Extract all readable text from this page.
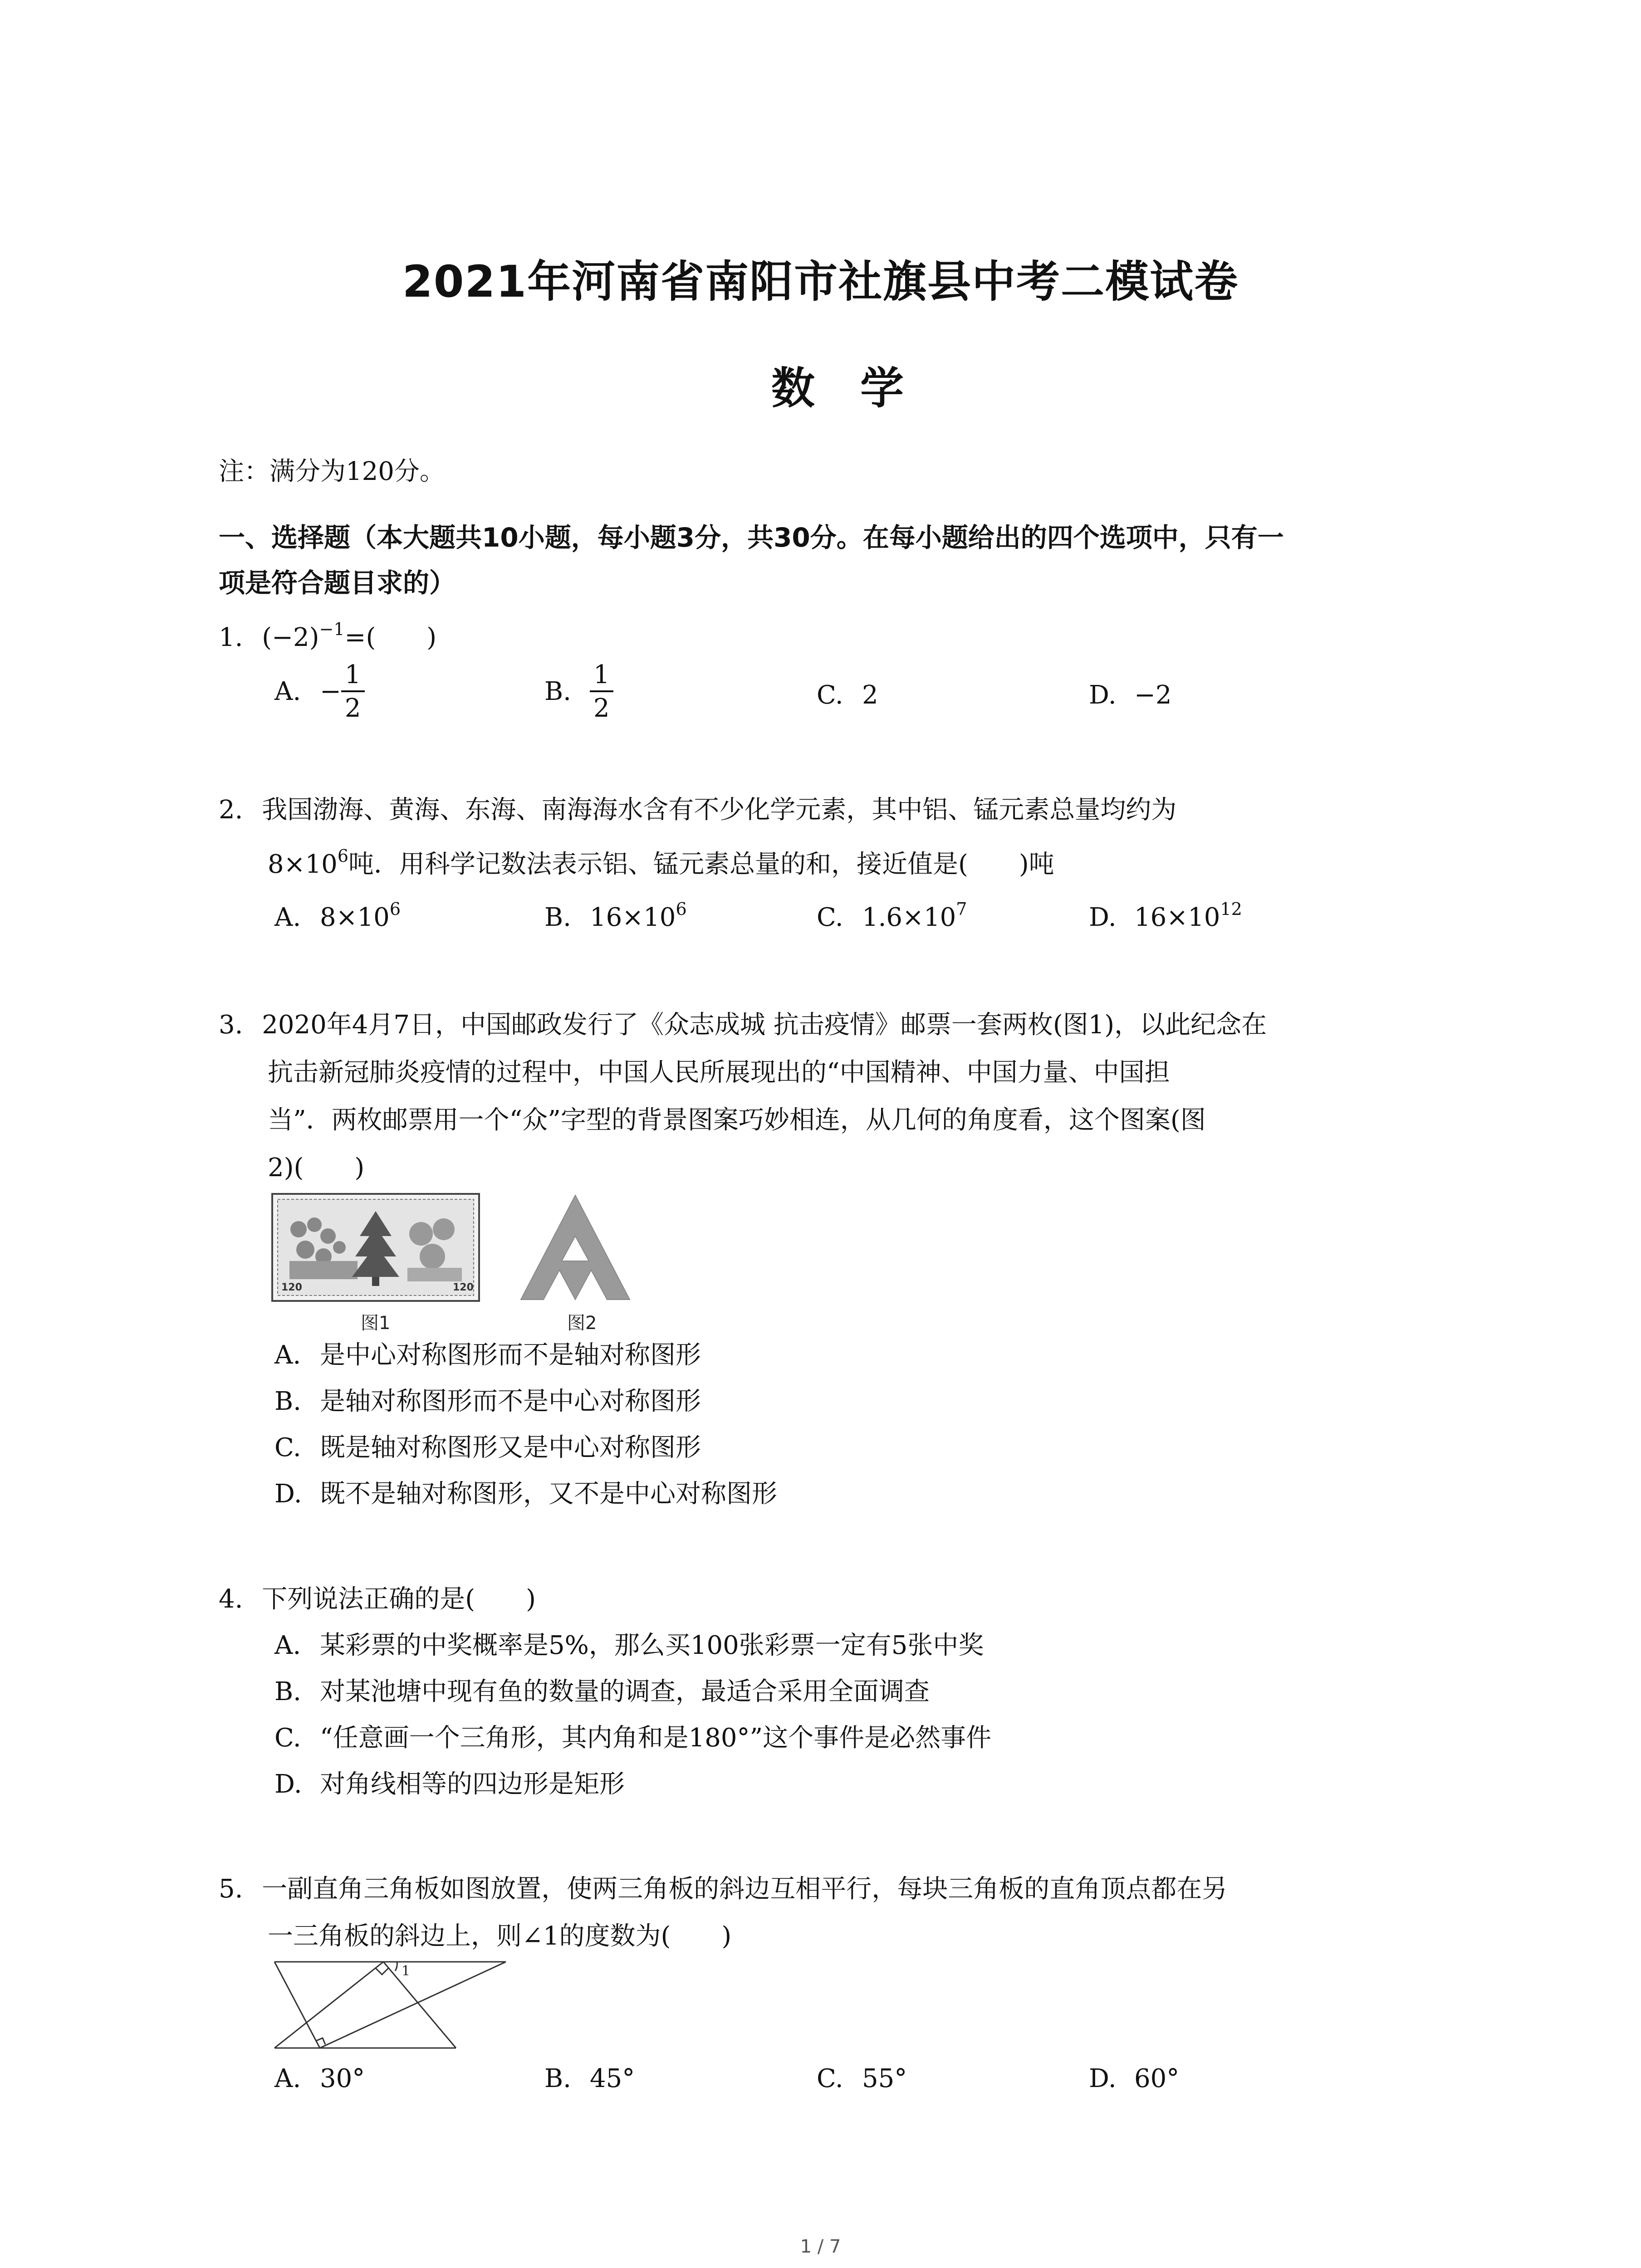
2021年河南省南阳市社旗县中考二模试卷
数学
注：满分为120分。
一、选择题（本大题共10小题，每小题3分，共30分。在每小题给出的四个选项中，只有一
项是符合题目求的）
1. $(-2)^{-1}=$(　　)
A. − $\frac{1}{2}$	B. $\frac{1}{2}$	C. 2	D. −2
2. 我国渤海、黄海、东海、南海海水含有不少化学元素，其中铝、锰元素总量均约为
$8\times 10^6$吨．用科学记数法表示铝、锰元素总量的和，接近值是(　　)吨
A. $8\times 10^6$	B. $16\times 10^6$	C. $1.6\times 10^7$	D. $16\times 10^{12}$
3. 2020年4月7日，中国邮政发行了《众志成城 抗击疫情》邮票一套两枚(图1)，以此纪念在
抗击新冠肺炎疫情的过程中，中国人民所展现出的“中国精神、中国力量、中国担
当”．两枚邮票用一个“众”字型的背景图案巧妙相连，从几何的角度看，这个图案(图
2)(　　)
120	120
图1	图2
A. 是中心对称图形而不是轴对称图形
B. 是轴对称图形而不是中心对称图形
C. 既是轴对称图形又是中心对称图形
D. 既不是轴对称图形，又不是中心对称图形
4. 下列说法正确的是(　　)
A. 某彩票的中奖概率是5%，那么买100张彩票一定有5张中奖
B. 对某池塘中现有鱼的数量的调查，最适合采用全面调查
C. “任意画一个三角形，其内角和是180°”这个事件是必然事件
D. 对角线相等的四边形是矩形
5. 一副直角三角板如图放置，使两三角板的斜边互相平行，每块三角板的直角顶点都在另
一三角板的斜边上，则∠1的度数为(　　)
1
A. 30°	B. 45°	C. 55°	D. 60°
1 / 7
